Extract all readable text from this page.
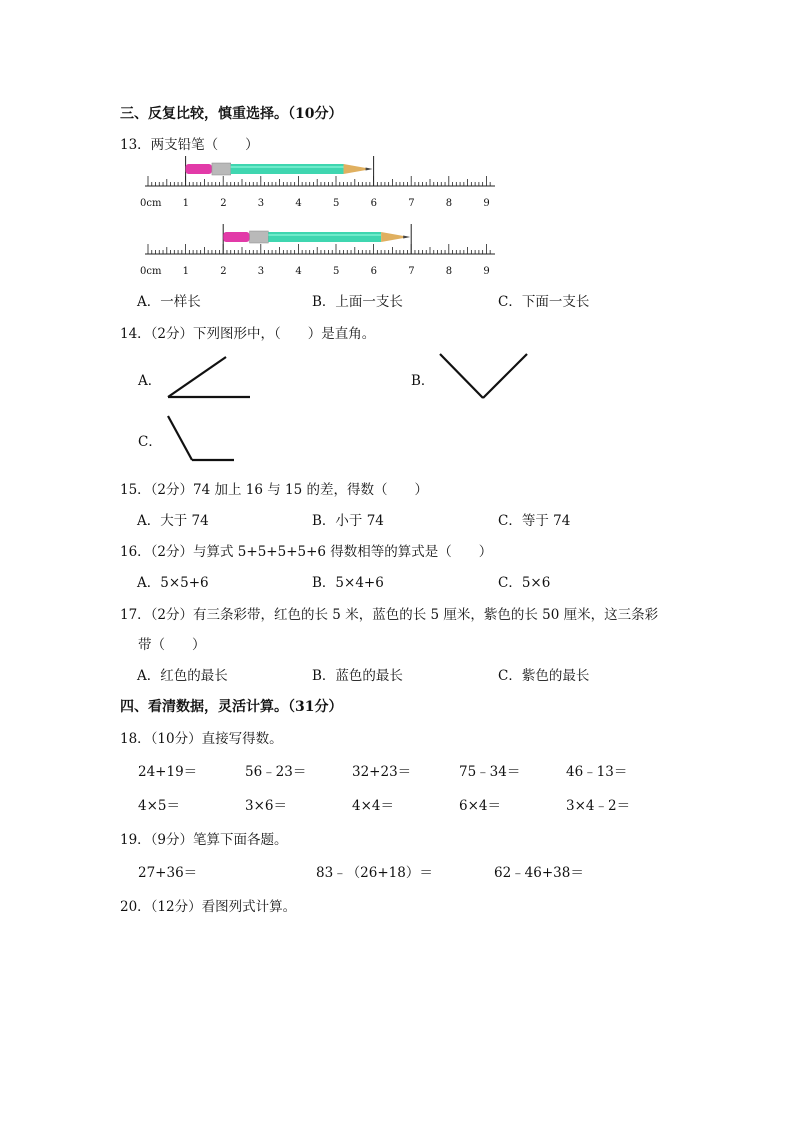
三、反复比较，慎重选择。（10分）
13．两支铅笔（　　）
0cm 1	2	3	4	5	6	7	8	9
0cm 1	2	3	4	5	6	7	8	9
A．一样长	B．上面一支长	C．下面一支长
14．（2分）下列图形中，（　　）是直角。
A．	B．
C．
15．（2分）74 加上 16 与 15 的差，得数（　　）
A．大于 74	B．小于 74	C．等于 74
16．（2分）与算式 5+5+5+5+6 得数相等的算式是（　　）
A．5×5+6	B．5×4+6	C．5×6
17．（2分）有三条彩带，红色的长 5 米，蓝色的长 5 厘米，紫色的长 50 厘米，这三条彩
带（　　）
A．红色的最长	B．蓝色的最长	C．紫色的最长
四、看清数据，灵活计算。（31分）
18．（10分）直接写得数。
24+19＝	56﹣23＝	32+23＝	75﹣34＝	46﹣13＝
4×5＝	3×6＝	4×4＝	6×4＝	3×4﹣2＝
19．（9分）笔算下面各题。
27+36＝	83﹣（26+18）＝	62﹣46+38＝
20．（12分）看图列式计算。
